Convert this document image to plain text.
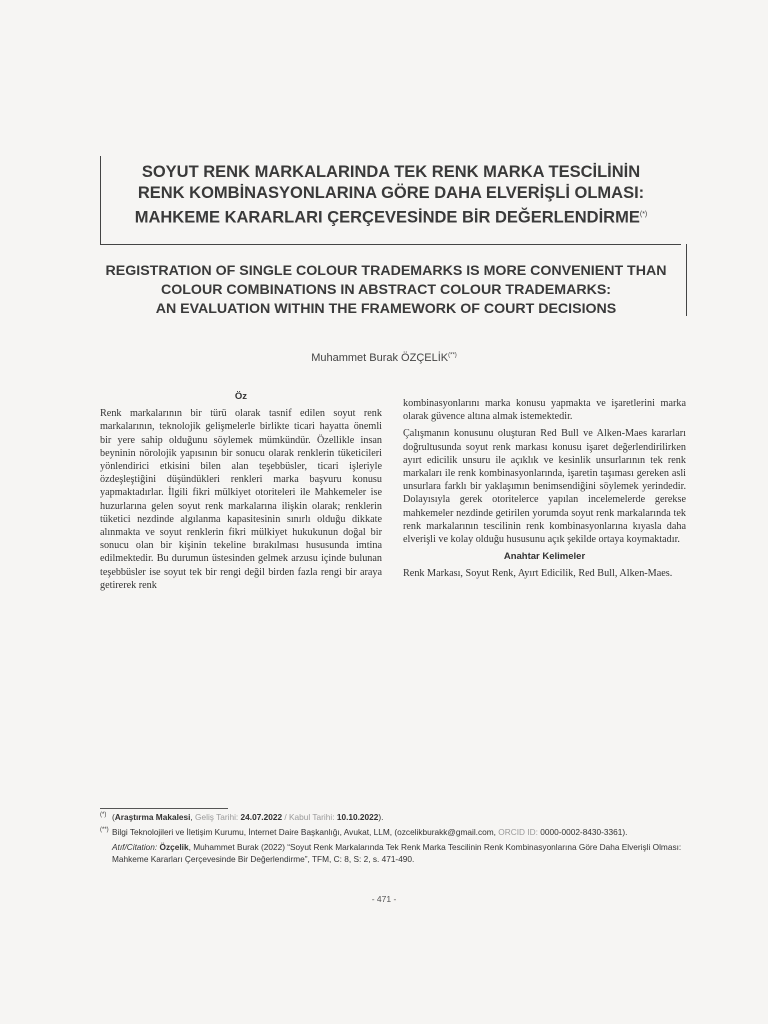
SOYUT RENK MARKALARINDA TEK RENK MARKA TESCİLİNİN
RENK KOMBİNASYONLARINA GÖRE DAHA ELVERİŞLİ OLMASI:
MAHKEME KARARLARI ÇERÇEVESİNDE BİR DEĞERLENDİRME(*)
REGISTRATION OF SINGLE COLOUR TRADEMARKS IS MORE CONVENIENT THAN
COLOUR COMBINATIONS IN ABSTRACT COLOUR TRADEMARKS:
AN EVALUATION WITHIN THE FRAMEWORK OF COURT DECISIONS
Muhammet Burak ÖZÇELİK(**)
Öz

Renk markalarının bir türü olarak tasnif edilen soyut renk markalarının, teknolojik gelişmelerle birlikte ticari hayatta önemli bir yere sahip olduğunu söylemek mümkündür. Özellikle insan beyninin nörolojik yapısının bir sonucu olarak renklerin tüketicileri yönlendirici etkisini bilen alan teşebbüsler, ticari işleriyle özdeşleştiğini düşündükleri renkleri marka başvuru konusu yapmaktadırlar. İlgili fikri mülkiyet otoriteleri ile Mahkemeler ise huzurlarına gelen soyut renk markalarına ilişkin olarak; renklerin tüketici nezdinde algılanma kapasitesinin sınırlı olduğu dikkate alınmakta ve soyut renklerin fikri mülkiyet hukukunun doğal bir sonucu olan bir kişinin tekeline bırakılması hususunda imtina edilmektedir. Bu durumun üstesinden gelmek arzusu içinde bulunan teşebbüsler ise soyut tek bir rengi değil birden fazla rengi bir araya getirerek renk

kombinasyonlarını marka konusu yapmakta ve işaretlerini marka olarak güvence altına almak istemektedir.

Çalışmanın konusunu oluşturan Red Bull ve Alken-Maes kararları doğrultusunda soyut renk markası konusu işaret değerlendirilirken ayırt edicilik unsuru ile açıklık ve kesinlik unsurlarının tek renk markaları ile renk kombinasyonlarında, işaretin taşıması gereken asli unsurlara farklı bir yaklaşımın benimsendiğini söylemek yerindedir. Dolayısıyla gerek otoritelerce yapılan incelemelerde gerekse mahkemeler nezdinde getirilen yorumda soyut renk markalarında tek renk markalarının tescilinin renk kombinasyonlarına kıyasla daha elverişli ve kolay olduğu hususunu açık şekilde ortaya koymaktadır.

Anahtar Kelimeler

Renk Markası, Soyut Renk, Ayırt Edicilik, Red Bull, Alken-Maes.

(*) (Araştırma Makalesi, Geliş Tarihi: 24.07.2022 / Kabul Tarihi: 10.10.2022).
(**) Bilgi Teknolojileri ve İletişim Kurumu, İnternet Daire Başkanlığı, Avukat, LLM, (ozcelikburakk@gmail.com, ORCID ID: 0000-0002-8430-3361).
Atıf/Citation: Özçelik, Muhammet Burak (2022) “Soyut Renk Markalarında Tek Renk Marka Tescilinin Renk Kombinasyonlarına Göre Daha Elverişli Olması: Mahkeme Kararları Çerçevesinde Bir Değerlendirme”, TFM, C: 8, S: 2, s. 471-490.
- 471 -
